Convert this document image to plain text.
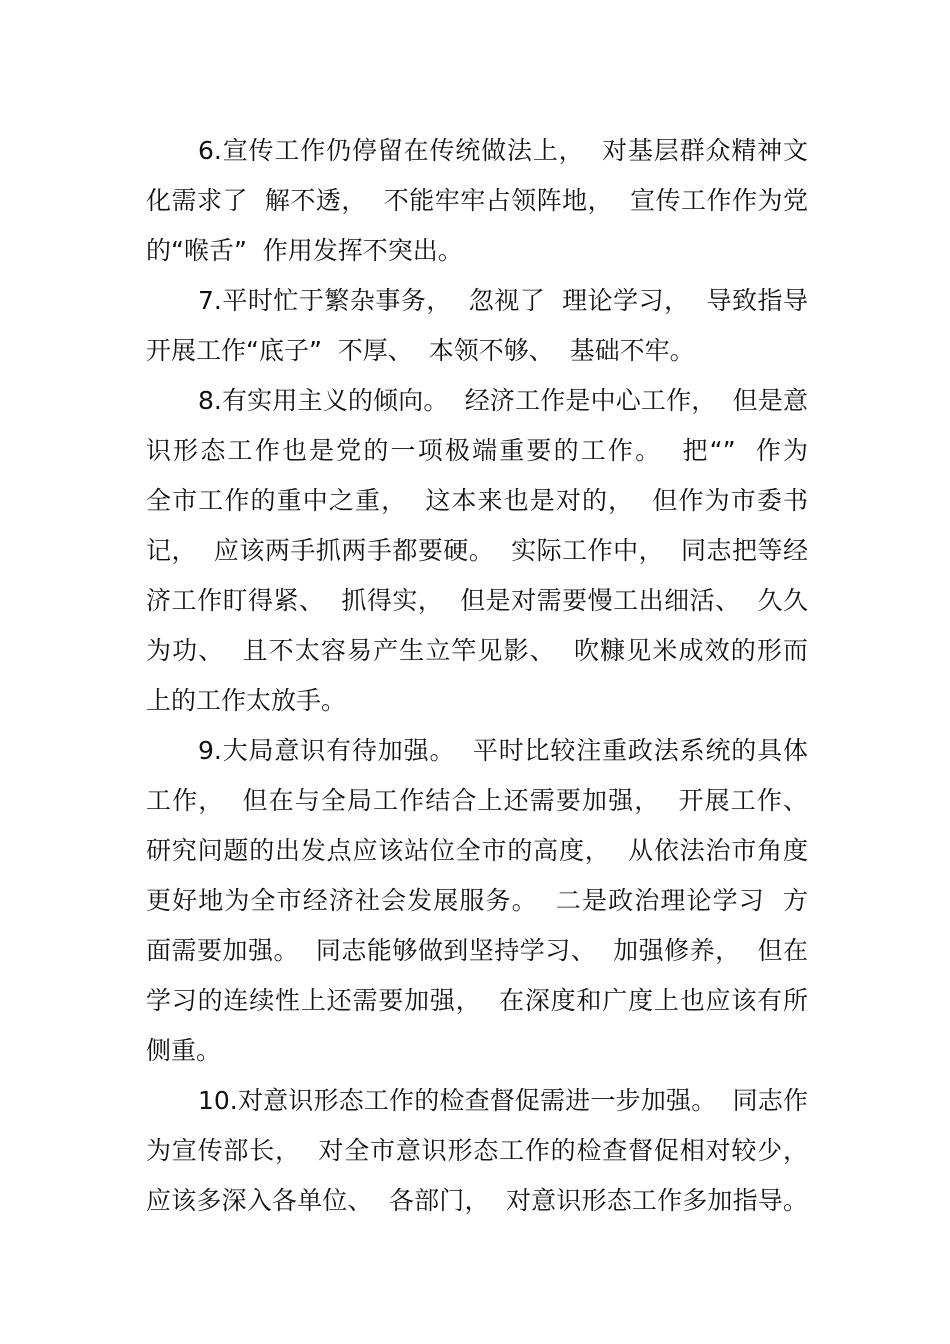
6.宣传工作仍停留在传统做法上，  对基层群众精神文
化需求了  解不透，  不能牢牢占领阵地，  宣传工作作为党
的“喉舌”  作用发挥不突出。

7.平时忙于繁杂事务，  忽视了  理论学习，  导致指导
开展工作“底子”  不厚、  本领不够、  基础不牢。

8.有实用主义的倾向。  经济工作是中心工作，  但是意
识形态工作也是党的一项极端重要的工作。  把“”  作为
全市工作的重中之重，  这本来也是对的，  但作为市委书
记，  应该两手抓两手都要硬。  实际工作中，  同志把等经
济工作盯得紧、  抓得实，  但是对需要慢工出细活、  久久
为功、  且不太容易产生立竿见影、  吹糠见米成效的形而
上的工作太放手。

9.大局意识有待加强。  平时比较注重政法系统的具体
工作，  但在与全局工作结合上还需要加强，  开展工作、
研究问题的出发点应该站位全市的高度，  从依法治市角度
更好地为全市经济社会发展服务。  二是政治理论学习  方
面需要加强。  同志能够做到坚持学习、  加强修养，  但在
学习的连续性上还需要加强，  在深度和广度上也应该有所
侧重。

10.对意识形态工作的检查督促需进一步加强。  同志作
为宣传部长，  对全市意识形态工作的检查督促相对较少，
应该多深入各单位、  各部门，  对意识形态工作多加指导。
